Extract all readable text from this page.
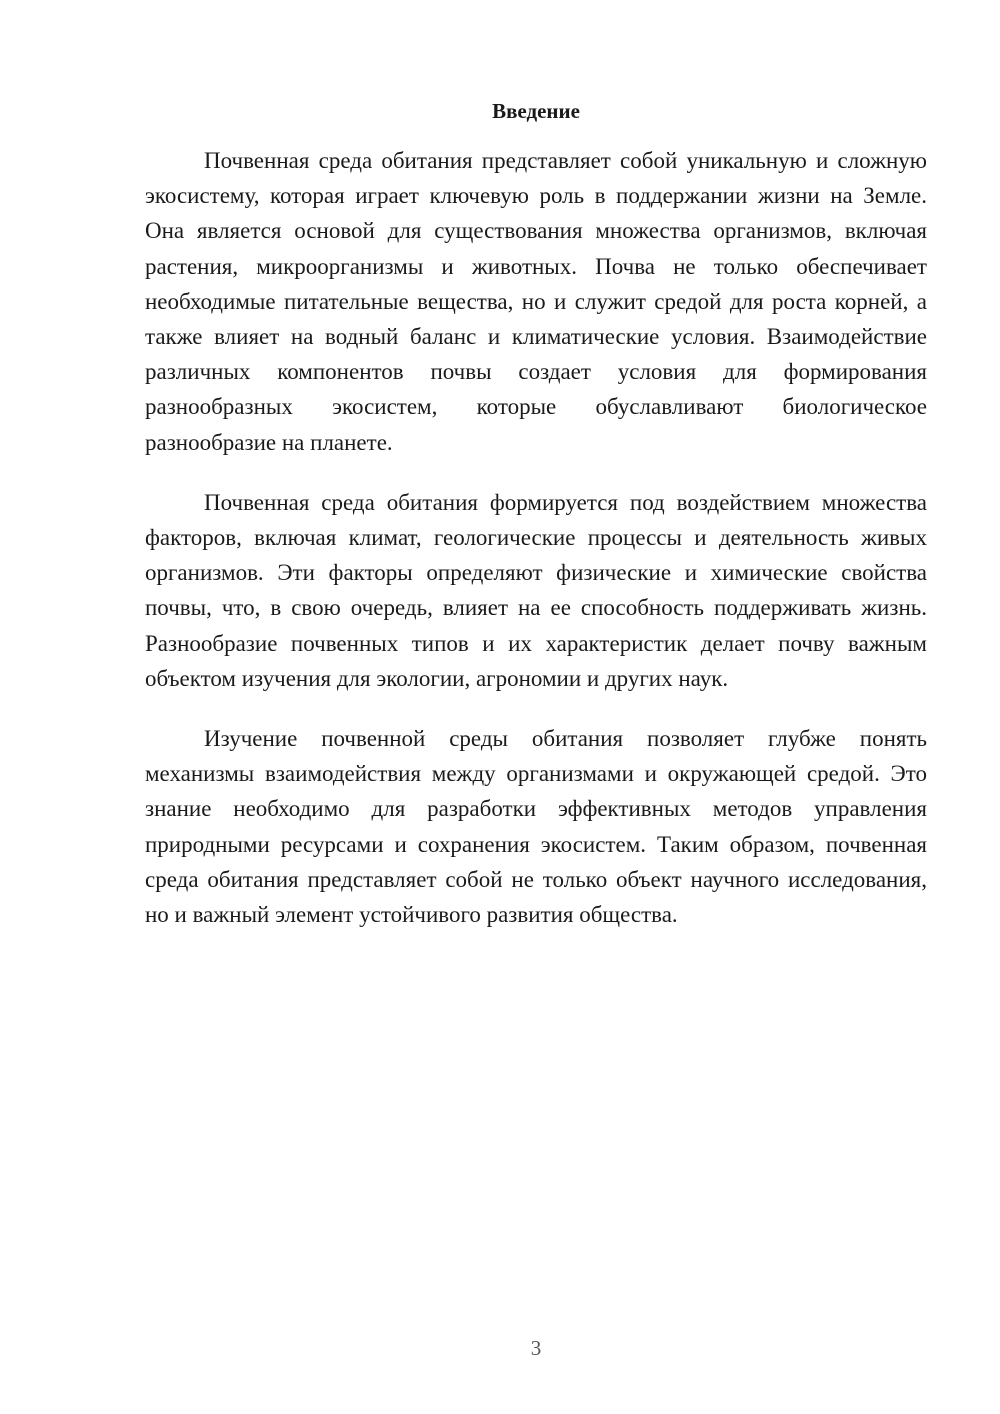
Введение

Почвенная среда обитания представляет собой уникальную и сложную экосистему, которая играет ключевую роль в поддержании жизни на Земле. Она является основой для существования множества организмов, включая растения, микроорганизмы и животных. Почва не только обеспечивает необходимые питательные вещества, но и служит средой для роста корней, а также влияет на водный баланс и климатические условия. Взаимодействие различных компонентов почвы создает условия для формирования разнообразных экосистем, которые обуславливают биологическое разнообразие на планете.

Почвенная среда обитания формируется под воздействием множества факторов, включая климат, геологические процессы и деятельность живых организмов. Эти факторы определяют физические и химические свойства почвы, что, в свою очередь, влияет на ее способность поддерживать жизнь. Разнообразие почвенных типов и их характеристик делает почву важным объектом изучения для экологии, агрономии и других наук.

Изучение почвенной среды обитания позволяет глубже понять механизмы взаимодействия между организмами и окружающей средой. Это знание необходимо для разработки эффективных методов управления природными ресурсами и сохранения экосистем. Таким образом, почвенная среда обитания представляет собой не только объект научного исследования, но и важный элемент устойчивого развития общества.

3
